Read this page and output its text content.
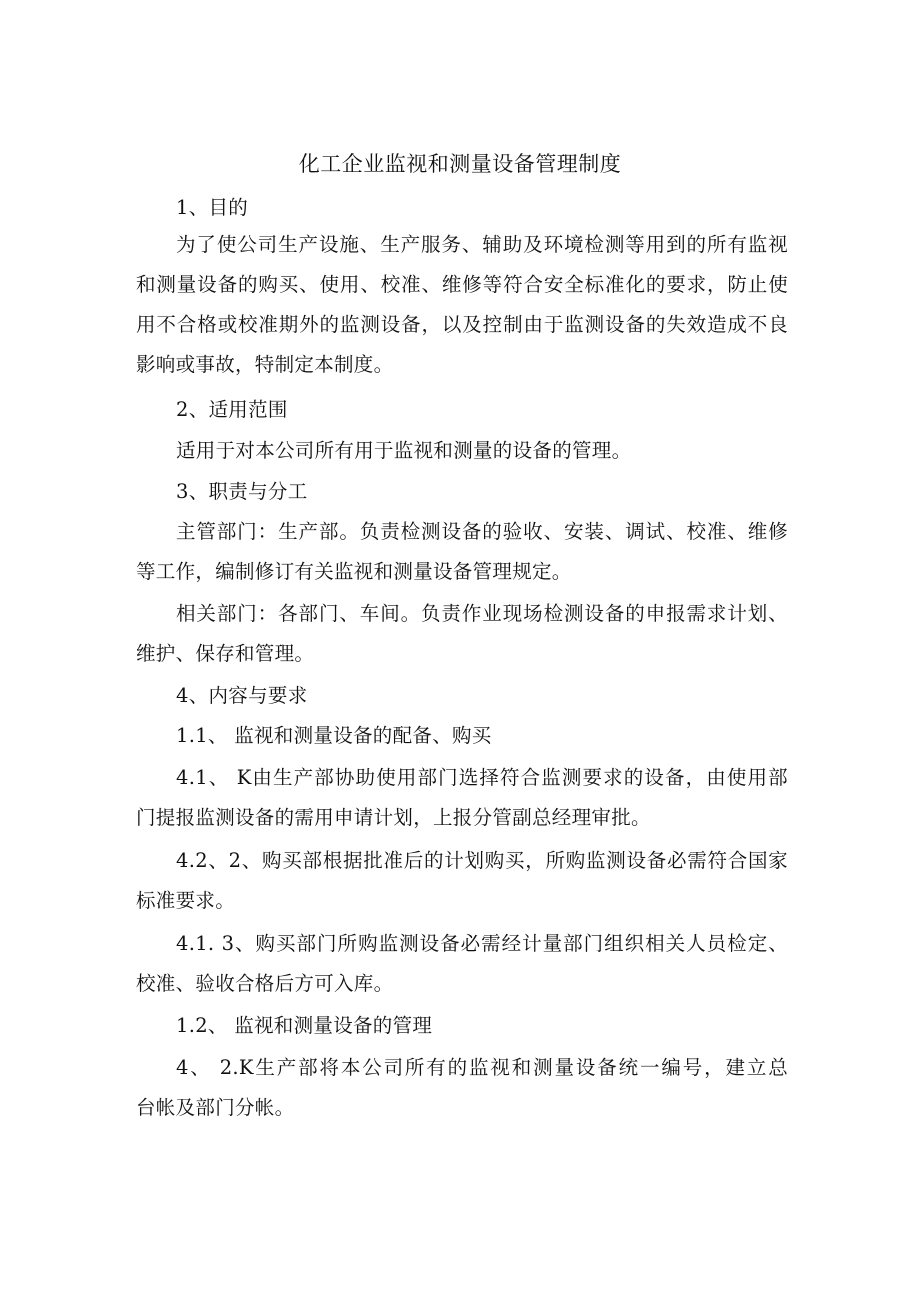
化工企业监视和测量设备管理制度
1、目的
为了使公司生产设施、生产服务、辅助及环境检测等用到的所有监视
和测量设备的购买、使用、校准、维修等符合安全标准化的要求，防止使
用不合格或校准期外的监测设备，以及控制由于监测设备的失效造成不良
影响或事故，特制定本制度。
2、适用范围
适用于对本公司所有用于监视和测量的设备的管理。
3、职责与分工
主管部门：生产部。负责检测设备的验收、安装、调试、校准、维修
等工作，编制修订有关监视和测量设备管理规定。
相关部门：各部门、车间。负责作业现场检测设备的申报需求计划、
维护、保存和管理。
4、内容与要求
1.1、 监视和测量设备的配备、购买
4.1、 K由生产部协助使用部门选择符合监测要求的设备，由使用部
门提报监测设备的需用申请计划，上报分管副总经理审批。
4.2、2、购买部根据批准后的计划购买，所购监测设备必需符合国家
标准要求。
4.1. 3、购买部门所购监测设备必需经计量部门组织相关人员检定、
校准、验收合格后方可入库。
1.2、 监视和测量设备的管理
4、 2.K生产部将本公司所有的监视和测量设备统一编号，建立总
台帐及部门分帐。
